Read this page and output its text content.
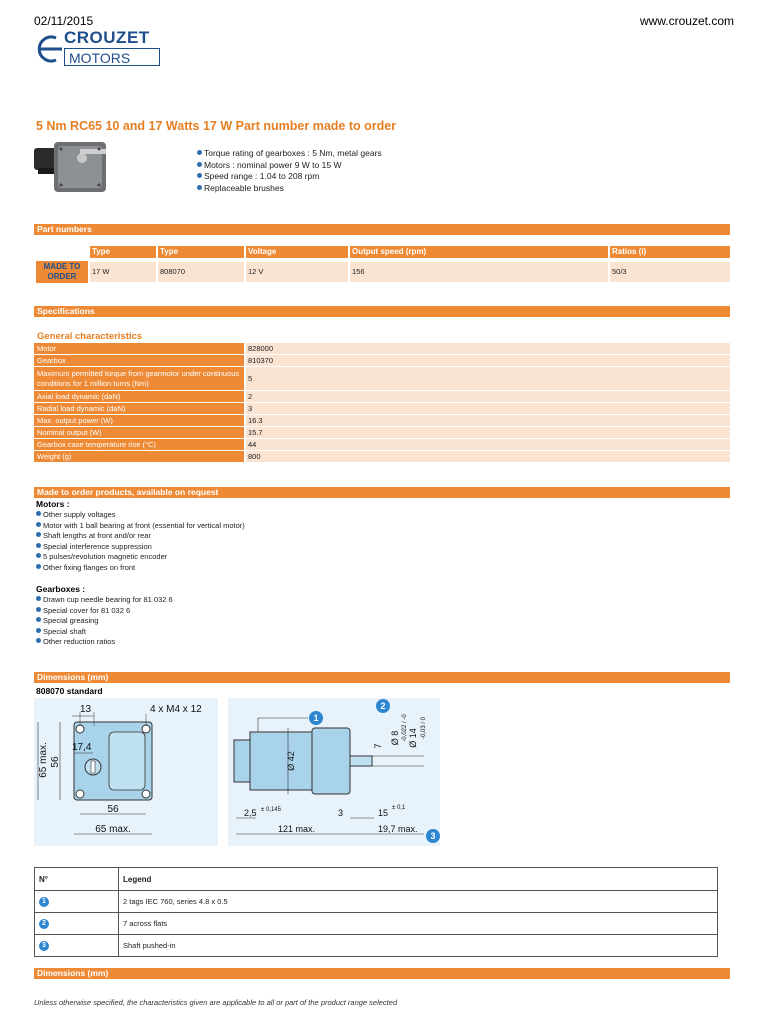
02/11/2015	www.crouzet.com
CROUZET
MOTORS
5 Nm RC65 10 and 17 Watts 17 W Part number made to order
Torque rating of gearboxes : 5 Nm, metal gears
Motors : nominal power 9 W to 15 W
Speed range : 1.04 to 208 rpm
Replaceable brushes
Part numbers
MADE TO
ORDER
Type	Type	Voltage	Output speed (rpm)	Ratios (i)
17 W	808070	12 V	156	50/3
Specifications
General characteristics
Motor	828000
Gearbox	810370
Maximum permitted torque from gearmotor under continuous conditions for 1 million turns (Nm)	5
Axial load dynamic (daN)	2
Radial load dynamic (daN)	3
Max. output power (W)	16.3
Nominal output (W)	15.7
Gearbox case temperature rise (°C)	44
Weight (g)	800
Made to order products, available on request
Motors :
Other supply voltages
Motor with 1 ball bearing at front (essential for vertical motor)
Shaft lengths at front and/or rear
Special interference suppression
5 pulses/revolution magnetic encoder
Other fixing flanges on front
Gearboxes :
Drawn cup needle bearing for 81 032 6
Special cover for 81 032 6
Special greasing
Special shaft
Other reduction ratios
Dimensions (mm)
808070 standard
13	4 x M4 x 12
17,4
65 max. 56
56
65 max.
Ø 42
1
2
7
Ø 8 -0,022 / -0 Ø 14 -0,03 / 0
2,5 ± 0,145	3	15 ± 0,1
121 max.	19,7 max.
3
N°	Legend
1	2 tags IEC 760, series 4.8 x 0.5
2	7 across flats
3	Shaft pushed-in
Dimensions (mm)
Unless otherwise specified, the characteristics given are applicable to all or part of the product range selected
